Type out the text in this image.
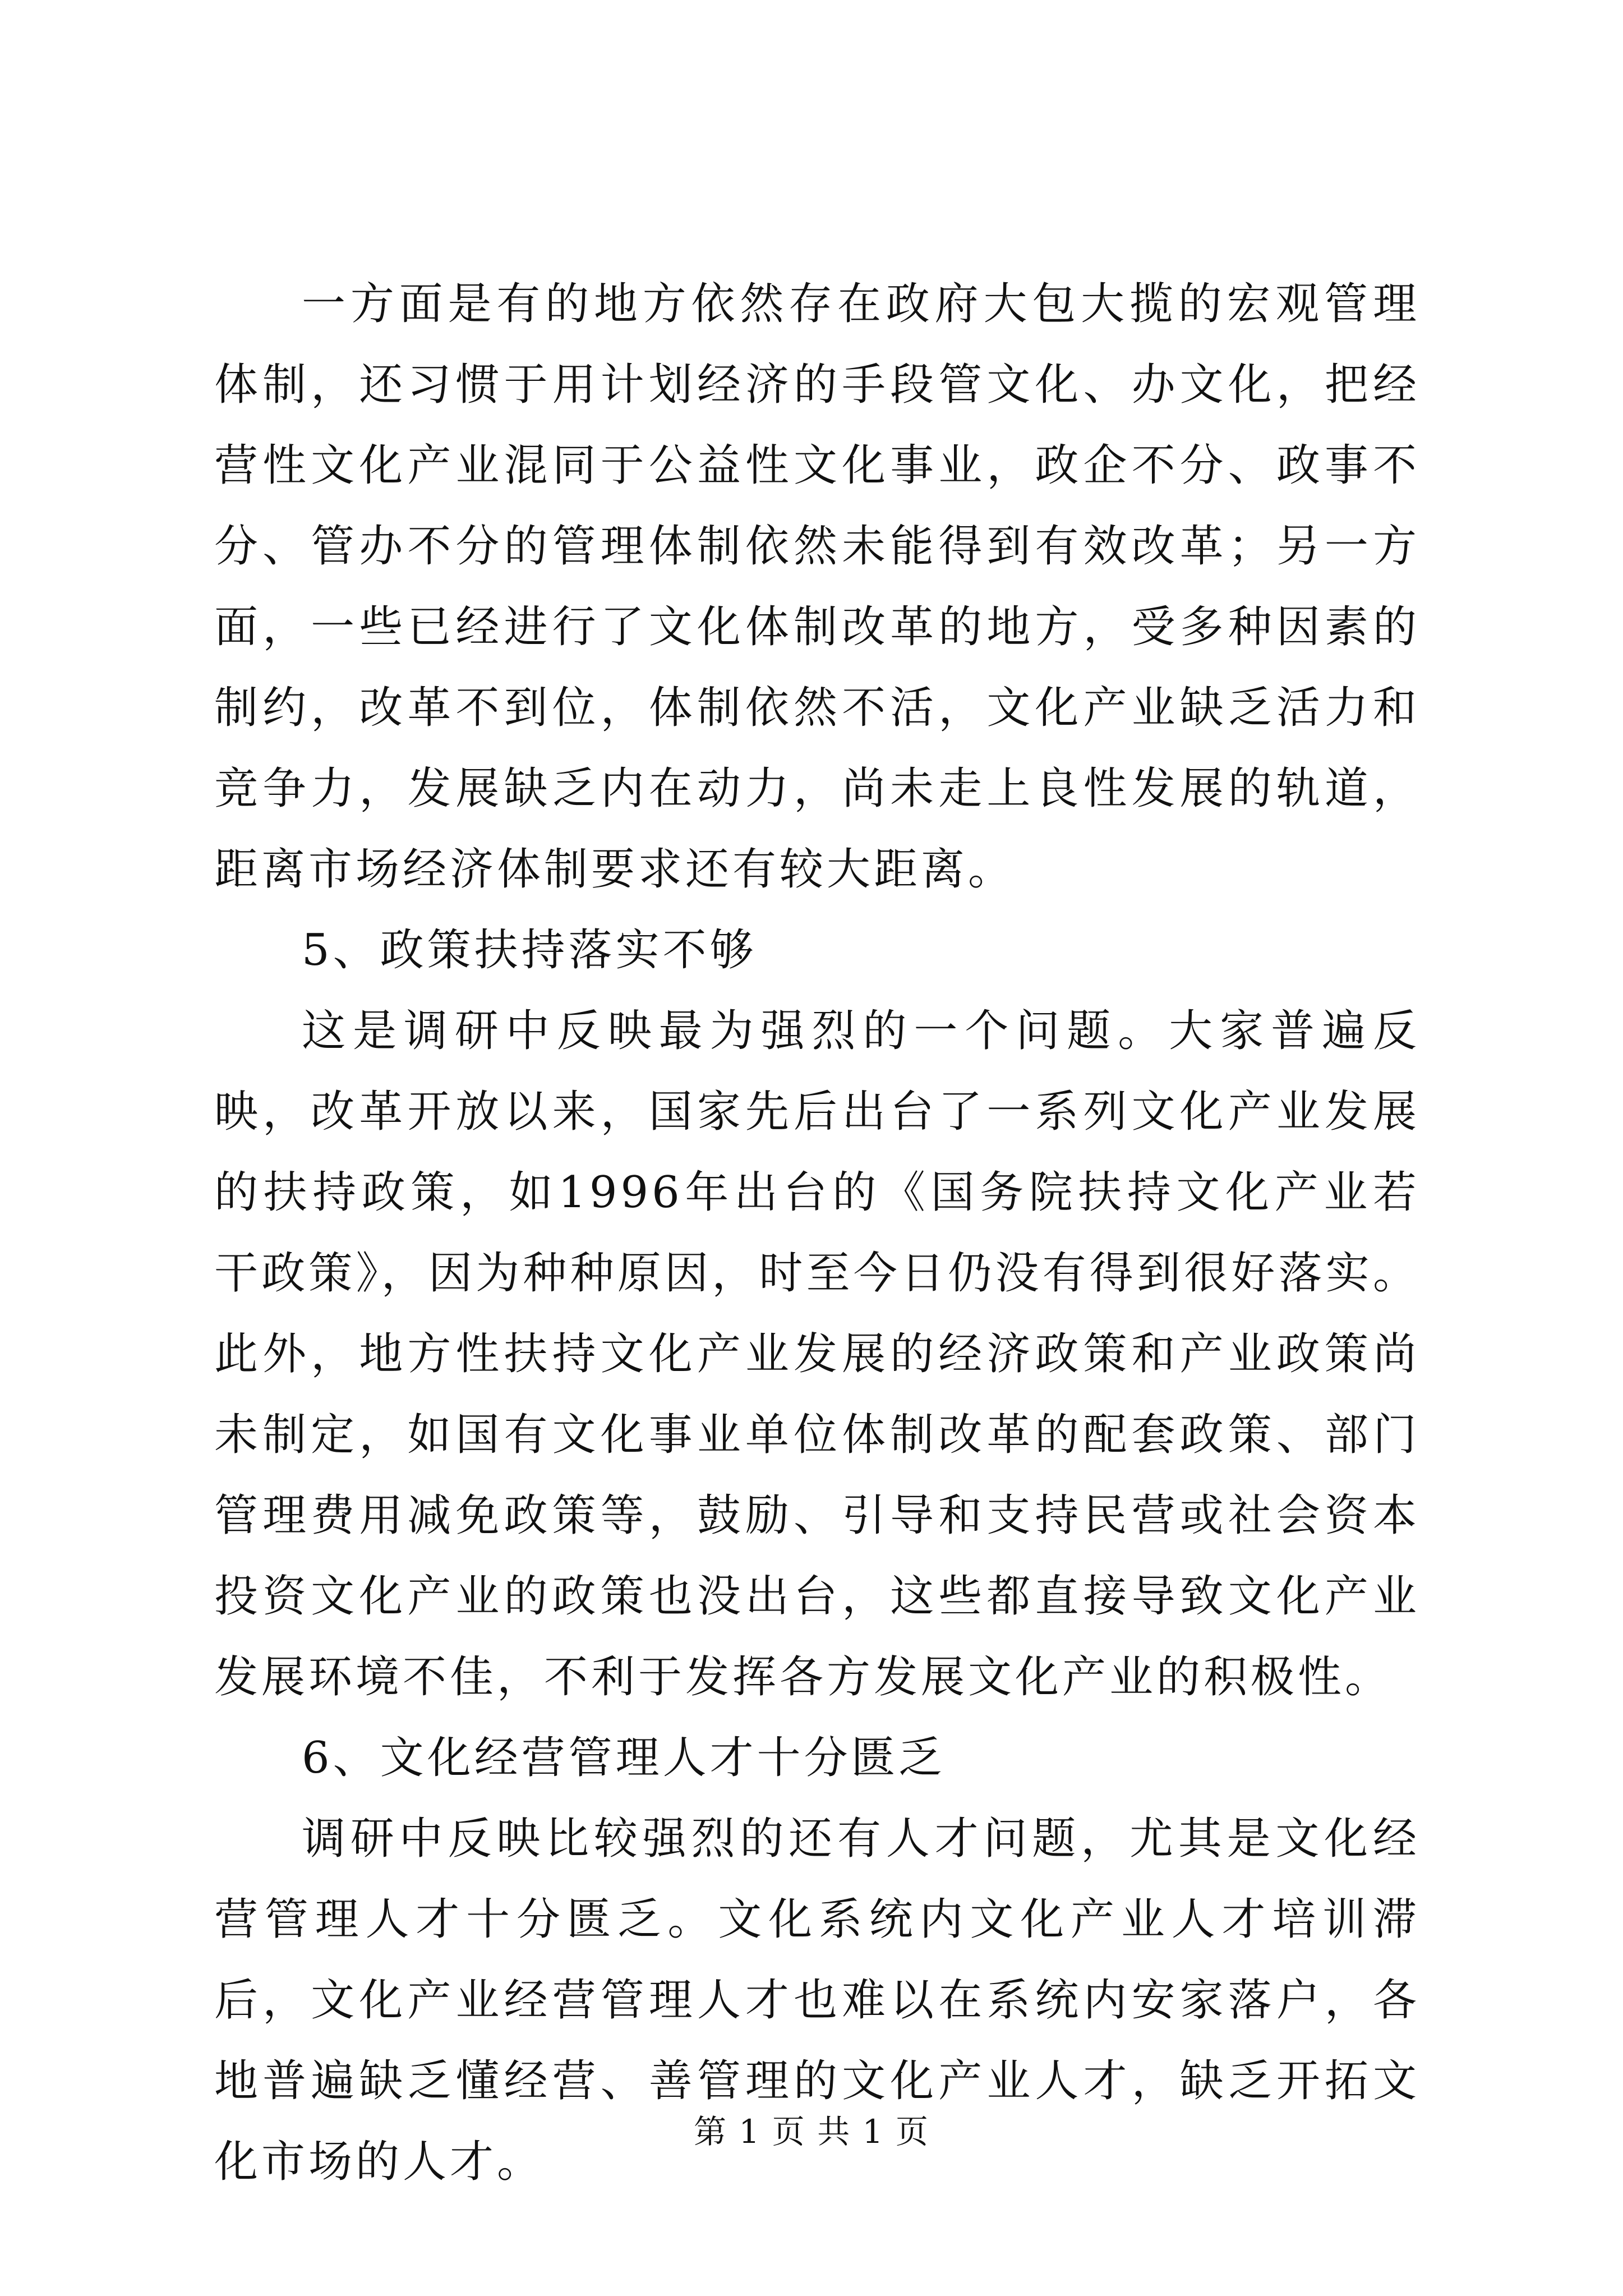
一方面是有的地方依然存在政府大包大揽的宏观管理体制，还习惯于用计划经济的手段管文化、办文化，把经营性文化产业混同于公益性文化事业，政企不分、政事不分、管办不分的管理体制依然未能得到有效改革；另一方面，一些已经进行了文化体制改革的地方，受多种因素的制约，改革不到位，体制依然不活，文化产业缺乏活力和竞争力，发展缺乏内在动力，尚未走上良性发展的轨道，距离市场经济体制要求还有较大距离。

5、政策扶持落实不够

这是调研中反映最为强烈的一个问题。大家普遍反映，改革开放以来，国家先后出台了一系列文化产业发展的扶持政策，如1996年出台的《国务院扶持文化产业若干政策》，因为种种原因，时至今日仍没有得到很好落实。此外，地方性扶持文化产业发展的经济政策和产业政策尚未制定，如国有文化事业单位体制改革的配套政策、部门管理费用减免政策等，鼓励、引导和支持民营或社会资本投资文化产业的政策也没出台，这些都直接导致文化产业发展环境不佳，不利于发挥各方发展文化产业的积极性。

6、文化经营管理人才十分匮乏

调研中反映比较强烈的还有人才问题，尤其是文化经营管理人才十分匮乏。文化系统内文化产业人才培训滞后，文化产业经营管理人才也难以在系统内安家落户，各地普遍缺乏懂经营、善管理的文化产业人才，缺乏开拓文化市场的人才。

第 1 页 共 1 页
